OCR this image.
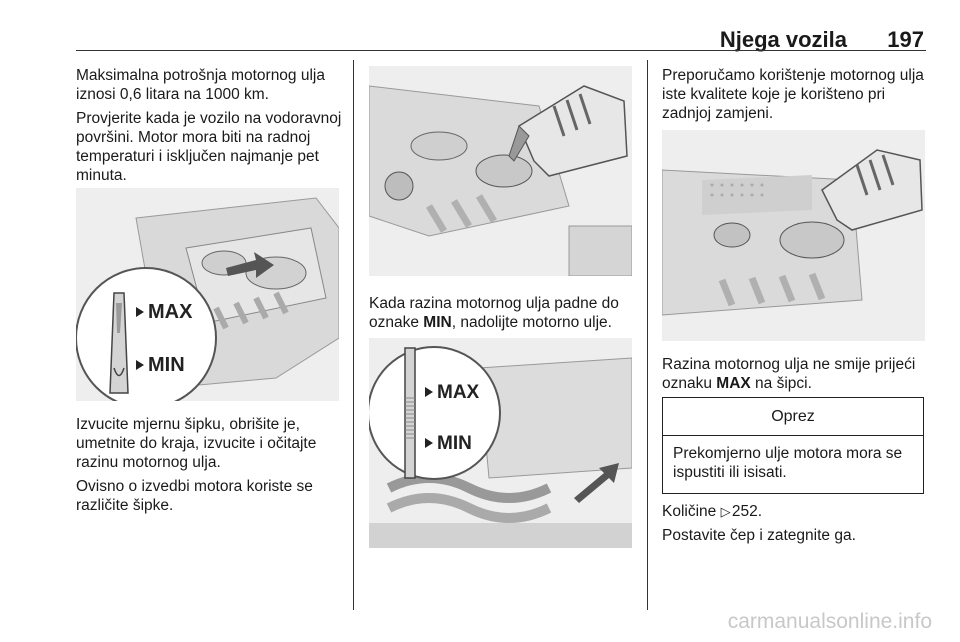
Njega vozila 197

Maksimalna potrošnja motornog ulja iznosi 0,6 litara na 1000 km.

Provjerite kada je vozilo na vodoravnoj površini. Motor mora biti na radnoj temperaturi i isključen najmanje pet minuta.

MAX
MIN

Izvucite mjernu šipku, obrišite je, umetnite do kraja, izvucite i očitajte razinu motornog ulja.

Ovisno o izvedbi motora koriste se različite šipke.

Kada razina motornog ulja padne do oznake MIN, nadolijte motorno ulje.

MAX
MIN

Preporučamo korištenje motornog ulja iste kvalitete koje je korišteno pri zadnjoj zamjeni.

Razina motornog ulja ne smije prijeći oznaku MAX na šipci.

Oprez
Prekomjerno ulje motora mora se ispustiti ili isisati.

Količine ▷ 252.

Postavite čep i zategnite ga.

carmanualsonline.info
